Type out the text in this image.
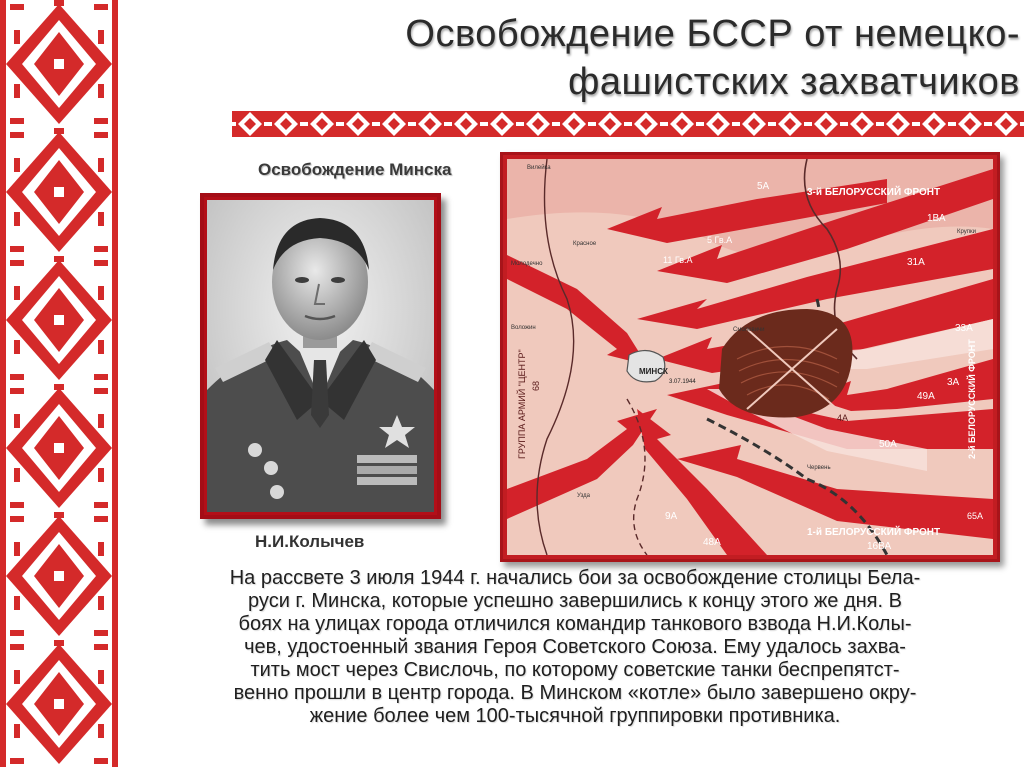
Освобождение БССР от немецко-
фашистских захватчиков
Освобождение Минска
Н.И.Колычев
ГРУППА АРМИЙ "ЦЕНТР" 68
3-й БЕЛОРУССКИЙ ФРОНТ
2-й БЕЛОРУССКИЙ ФРОНТ
1-й БЕЛОРУССКИЙ ФРОНТ
5А
5 Гв.А
11 Гв.А	31А
1ВА
33А
49А
50А
4А
9А
48А	16ВА
3А
65А
МИНСК
3.07.1944
Вилейка
Молодечно
Красное
Крупки
Смолевичи
Червень
Узда
Воложин
На рассвете 3 июля 1944 г. начались бои за освобождение столицы Бела-
руси г. Минска, которые успешно завершились к концу этого же дня. В
боях на улицах города отличился командир танкового взвода Н.И.Колы-
чев, удостоенный звания Героя Советского Союза. Ему удалось захва-
тить мост через Свислочь, по которому советские танки беспрепятст-
венно прошли в центр города. В Минском «котле» было завершено окру-
жение более чем 100-тысячной группировки противника.
